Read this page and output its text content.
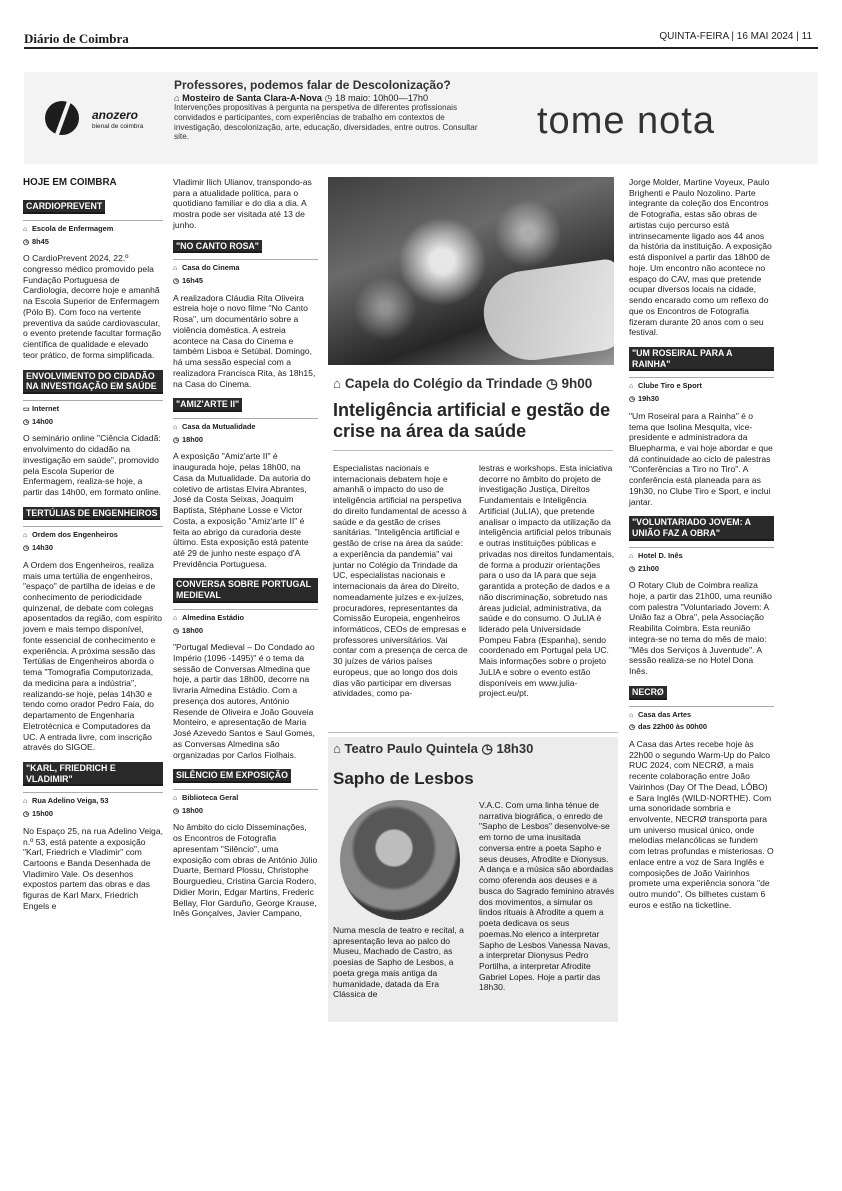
Diário de Coimbra	QUINTA-FEIRA | 16 MAI 2024 | 11
anozero
bienal de coimbra
Professores, podemos falar de Descolonização?
⌂ Mosteiro de Santa Clara-A-Nova ◷ 18 maio: 10h00—17h0
Intervenções propositivas à pergunta na perspetiva de diferentes profissionais convidados e participantes, com experiências de trabalho em contextos de investigação, descolonização, arte, educação, diversidades, entre outros. Consultar site.	tome nota
HOJE EM COIMBRA
CARDIOPREVENT
⌂ Escola de Enfermagem
◷ 8h45

O CardioPrevent 2024, 22.º congresso médico promovido pela Fundação Portuguesa de Cardiologia, decorre hoje e amanhã na Escola Superior de Enfermagem (Pólo B). Com foco na vertente preventiva da saúde cardiovascular, o evento pretende facultar formação científica de qualidade e elevado teor prático, de forma simplificada.

ENVOLVIMENTO DO CIDADÃO NA INVESTIGAÇÃO EM SAÚDE
▭ Internet
◷ 14h00

O seminário online "Ciência Cidadã: envolvimento do cidadão na investigação em saúde", promovido pela Escola Superior de Enfermagem, realiza-se hoje, a partir das 14h00, em formato online.

TERTÚLIAS DE ENGENHEIROS
⌂ Ordem dos Engenheiros
◷ 14h30

A Ordem dos Engenheiros, realiza mais uma tertúlia de engenheiros, "espaço" de partilha de ideias e de conhecimento de periodicidade quinzenal, de debate com colegas aposentados da região, com espírito jovem e mais tempo disponível, fonte essencial de conhecimento e experiência. A próxima sessão das Tertúlias de Engenheiros aborda o tema "Tomografia Computorizada, da medicina para a indústria", realizando-se hoje, pelas 14h30 e tendo como orador Pedro Faia, do departamento de Engenharia Eletrotécnica e Computadores da UC. A entrada livre, com inscrição através do SIGOE.

"KARL, FRIEDRICH E VLADIMIR"
⌂ Rua Adelino Veiga, 53
◷ 15h00

No Espaço 25, na rua Adelino Veiga, n.º 53, está patente a exposição "Karl, Friedrich e Vladimir" com Cartoons e Banda Desenhada de Vladimiro Vale. Os desenhos expostos partem das obras e das figuras de Karl Marx, Friedrich Engels e

Vladimir Ilich Ulianov, transpondo-as para a atualidade política, para o quotidiano familiar e do dia a dia. A mostra pode ser visitada até 13 de junho.

"NO CANTO ROSA"
⌂ Casa do Cinema
◷ 16h45

A realizadora Cláudia Rita Oliveira estreia hoje o novo filme "No Canto Rosa", um documentário sobre a violência doméstica. A estreia acontece na Casa do Cinema e também Lisboa e Setúbal. Domingo, há uma sessão especial com a realizadora Francisca Rita, às 18h15, na Casa do Cinema.

"AMIZ'ARTE II"
⌂ Casa da Mutualidade
◷ 18h00

A exposição "Amiz'arte II" é inaugurada hoje, pelas 18h00, na Casa da Mutualidade. Da autoria do coletivo de artistas Elvira Abrantes, José da Costa Seixas, Joaquim Baptista, Stéphane Losse e Victor Costa, a exposição "Amiz'arte II" é feita ao abrigo da curadoria deste último. Esta exposição está patente até 29 de junho neste espaço d'A Previdência Portuguesa.

CONVERSA SOBRE PORTUGAL MEDIEVAL
⌂ Almedina Estádio
◷ 18h00

"Portugal Medieval – Do Condado ao Império (1096 -1495)" é o tema da sessão de Conversas Almedina que hoje, a partir das 18h00, decorre na livraria Almedina Estádio. Com a presença dos autores, António Resende de Oliveira e João Gouveia Monteiro, e apresentação de Maria José Azevedo Santos e Saul Gomes, as Conversas Almedina são organizadas por Carlos Fiolhais.

SILÊNCIO EM EXPOSIÇÃO
⌂ Biblioteca Geral
◷ 18h00

No âmbito do ciclo Disseminações, os Encontros de Fotografia apresentam "Silêncio", uma exposição com obras de António Júlio Duarte, Bernard Plossu, Christophe Bourguedieu, Cristina Garcia Rodero, Didier Morin, Edgar Martins, Frederic Bellay, Flor Garduño, George Krause, Inês Gonçalves, Javier Campano,

⌂ Capela do Colégio da Trindade ◷ 9h00
Inteligência artificial e gestão de crise na área da saúde
Especialistas nacionais e internacionais debatem hoje e amanhã o impacto do uso de inteligência artificial na perspetiva do direito fundamental de acesso à saúde e da gestão de crises sanitárias. "Inteligência artificial e gestão de crise na área da saúde: a experiência da pandemia" vai juntar no Colégio da Trindade da UC, especialistas nacionais e internacionais da área do Direito, nomeadamente juízes e ex-juízes, procuradores, representantes da Comissão Europeia, engenheiros informáticos, CEOs de empresas e professores universitários. Vai contar com a presença de cerca de 30 juízes de vários países europeus, que ao longo dos dois dias vão participar em diversas atividades, como pa-
lestras e workshops. Esta iniciativa decorre no âmbito do projeto de investigação Justiça, Direitos Fundamentais e Inteligência Artificial (JuLIA), que pretende analisar o impacto da utilização da inteligência artificial pelos tribunais e outras instituições públicas e privadas nos direitos fundamentais, de forma a produzir orientações para o uso da IA para que seja garantida a proteção de dados e a não discriminação, sobretudo nas áreas judicial, administrativa, da saúde e do consumo. O JuLIA é liderado pela Universidade Pompeu Fabra (Espanha), sendo coordenado em Portugal pela UC. Mais informações sobre o projeto JuLIA e sobre o evento estão disponíveis em www.julia-project.eu/pt.
⌂ Teatro Paulo Quintela ◷ 18h30
Sapho de Lesbos
Numa mescla de teatro e recital, a apresentação leva ao palco do Museu, Machado de Castro, as poesias de Sapho de Lesbos, a poeta grega mais antiga da humanidade, datada da Era Clássica de
V.A.C. Com uma linha ténue de narrativa biográfica, o enredo de "Sapho de Lesbos" desenvolve-se em torno de uma inusitada conversa entre a poeta Sapho e seus deuses, Afrodite e Dionysus. A dança e a música são abordadas como oferenda aos deuses e a busca do Sagrado feminino através dos movimentos, a simular os lindos rituais à Afrodite a quem a poeta dedicava os seus poemas.No elenco a interpretar Sapho de Lesbos Vanessa Navas, a interpretar Dionysus Pedro Portilha, a interpretar Afrodite Gabriel Lopes. Hoje a partir das 18h30.

Jorge Molder, Martine Voyeux, Paulo Brighenti e Paulo Nozolino. Parte integrante da coleção dos Encontros de Fotografia, estas são obras de artistas cujo percurso está intrinsecamente ligado aos 44 anos da história da instituição. A exposição está disponível a partir das 18h00 de hoje. Um encontro não acontece no espaço do CAV, mas que pretende ocupar diversos locais na cidade, sendo encarado como um reflexo do que os Encontros de Fotografia fizeram durante 20 anos com o seu festival.

"UM ROSEIRAL PARA A RAINHA"
⌂ Clube Tiro e Sport
◷ 19h30

"Um Roseiral para a Rainha" é o tema que Isolina Mesquita, vice-presidente e administradora da Bluepharma, e vai hoje abordar e que dá continuidade ao ciclo de palestras "Conferências a Tiro no Tiro". A conferência está planeada para as 19h30, no Clube Tiro e Sport, e inclui jantar.

"VOLUNTARIADO JOVEM: A UNIÃO FAZ A OBRA"
⌂ Hotel D. Inês
◷ 21h00

O Rotary Club de Coimbra realiza hoje, a partir das 21h00, uma reunião com palestra "Voluntariado Jovem: A União faz a Obra", pela Associação Reabilita Coimbra. Esta reunião integra-se no tema do mês de maio: "Mês dos Serviços à Juventude". A sessão realiza-se no Hotel Dona Inês.

NECRØ
⌂ Casa das Artes
◷ das 22h00 às 00h00

A Casa das Artes recebe hoje às 22h00 o segundo Warm-Up do Palco RUC 2024, com NECRØ, a mais recente colaboração entre João Vairinhos (Day Of The Dead, LÔBO) e Sara Inglês (WILD-NORTHE). Com uma sonoridade sombria e envolvente, NECRØ transporta para um universo musical único, onde melodias melancólicas se fundem com letras profundas e misteriosas. O enlace entre a voz de Sara Inglês e composições de João Vairinhos promete uma experiência sonora "de outro mundo". Os bilhetes custam 6 euros e estão na ticketline.
